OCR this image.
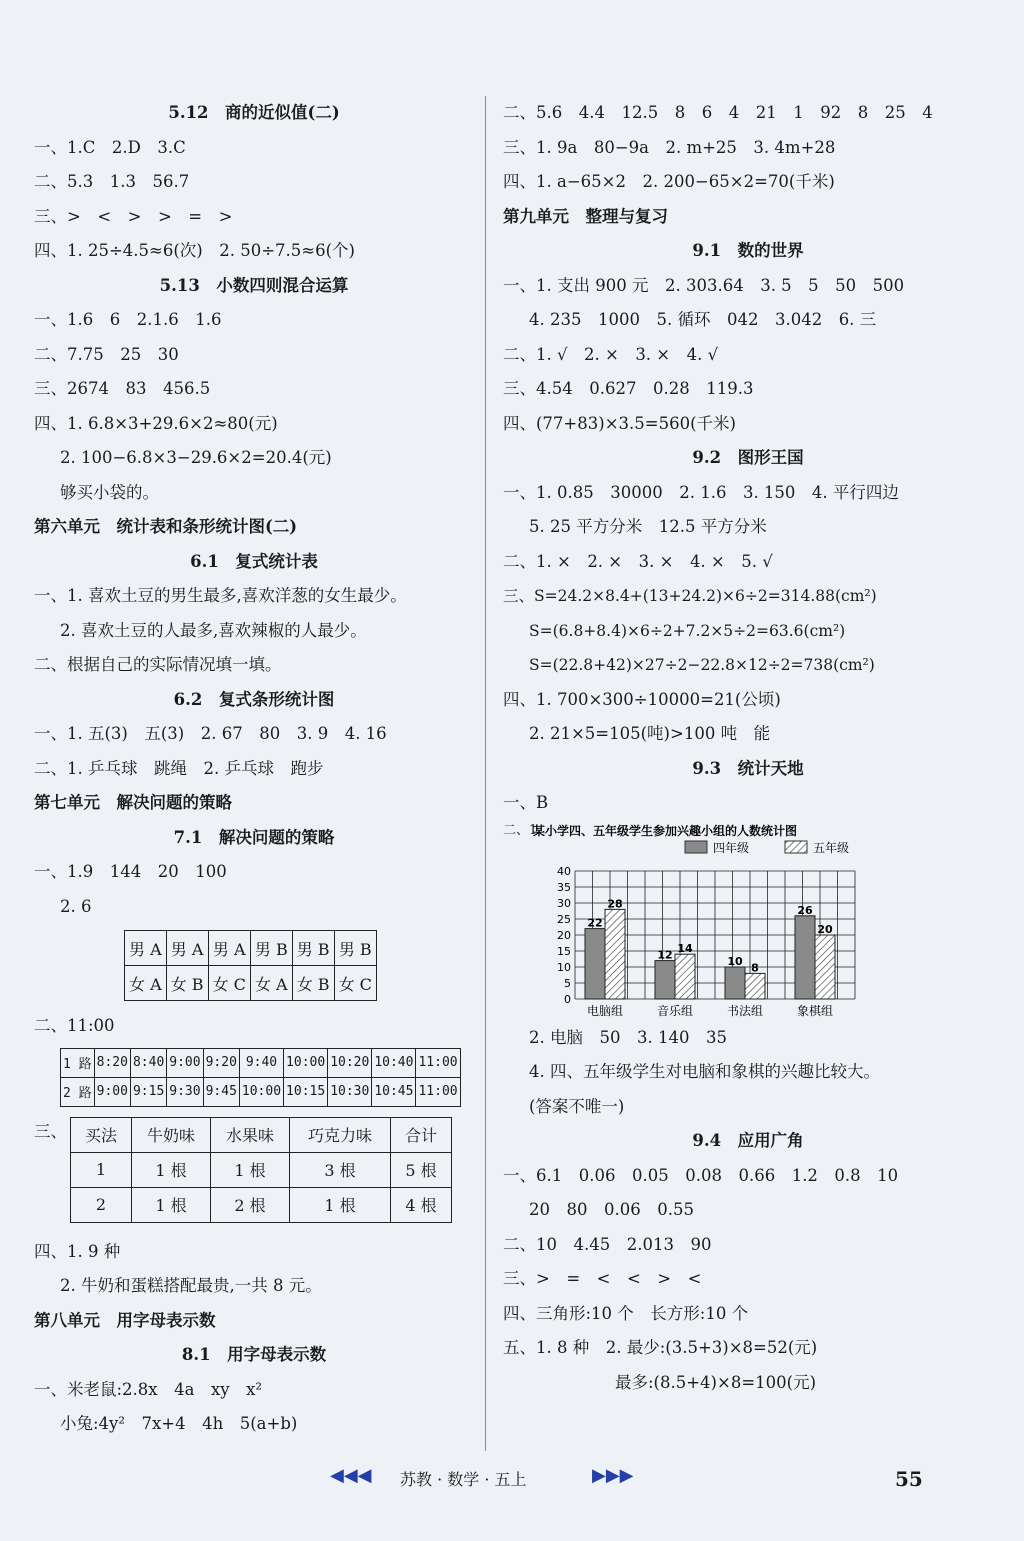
5.12　商的近似值(二)
一、1.C　2.D　3.C
二、5.3　1.3　56.7
三、>　<　>　>　=　>
四、1. 25÷4.5≈6(次)　2. 50÷7.5≈6(个)
5.13　小数四则混合运算
一、1.6　6　2.1.6　1.6
二、7.75　25　30
三、2674　83　456.5
四、1. 6.8×3+29.6×2≈80(元)
2. 100−6.8×3−29.6×2=20.4(元)
够买小袋的。
第六单元　统计表和条形统计图(二)
6.1　复式统计表
一、1. 喜欢土豆的男生最多,喜欢洋葱的女生最少。
2. 喜欢土豆的人最多,喜欢辣椒的人最少。
二、根据自己的实际情况填一填。
6.2　复式条形统计图
一、1. 五(3)　五(3)　2. 67　80　3. 9　4. 16
二、1. 乒乓球　跳绳　2. 乒乓球　跑步
第七单元　解决问题的策略
7.1　解决问题的策略
一、1.9　144　20　100
2. 6
男 A	男 A	男 A	男 B	男 B	男 B
女 A	女 B	女 C	女 A	女 B	女 C
二、11:00
1 路	8:20	8:40	9:00	9:20	9:40	10:00	10:20	10:40	11:00
2 路	9:00	9:15	9:30	9:45	10:00	10:15	10:30	10:45	11:00
三、 买法	牛奶味	水果味	巧克力味	合计
1	1 根	1 根	3 根	5 根
2	1 根	2 根	1 根	4 根
四、1. 9 种
2. 牛奶和蛋糕搭配最贵,一共 8 元。
第八单元　用字母表示数
8.1　用字母表示数
一、米老鼠:2.8x　4a　xy　x²
小兔:4y²　7x+4　4h　5(a+b)
二、5.6　4.4　12.5　8　6　4　21　1　92　8　25　4
三、1. 9a　80−9a　2. m+25　3. 4m+28
四、1. a−65×2　2. 200−65×2=70(千米)
第九单元　整理与复习
9.1　数的世界
一、1. 支出 900 元　2. 303.64　3. 5　5　50　500
4. 235　1000　5. 循环　042　3.042　6. 三
二、1. √　2. ×　3. ×　4. √
三、4.54　0.627　0.28　119.3
四、(77+83)×3.5=560(千米)
9.2　图形王国
一、1. 0.85　30000　2. 1.6　3. 150　4. 平行四边
5. 25 平方分米　12.5 平方分米
二、1. ×　2. ×　3. ×　4. ×　5. √
三、S=24.2×8.4+(13+24.2)×6÷2=314.88(cm²)
S=(6.8+8.4)×6÷2+7.2×5÷2=63.6(cm²)
S=(22.8+42)×27÷2−22.8×12÷2=738(cm²)
四、1. 700×300÷10000=21(公顷)
2. 21×5=105(吨)>100 吨　能
9.3　统计天地
一、B
二、1.
某小学四、五年级学生参加兴趣小组的人数统计图
四年级	五年级
0
5
10
15
20
25
30
35
40
22
28
电脑组
12 14
音乐组
10 8
书法组
26
20
象棋组
2. 电脑　50　3. 140　35
4. 四、五年级学生对电脑和象棋的兴趣比较大。
(答案不唯一)
9.4　应用广角
一、6.1　0.06　0.05　0.08　0.66　1.2　0.8　10
20　80　0.06　0.55
二、10　4.45　2.013　90
三、>　=　<　<　>　<
四、三角形:10 个　长方形:10 个
五、1. 8 种　2. 最少:(3.5+3)×8=52(元)
最多:(8.5+4)×8=100(元)
◀◀◀ 苏教 · 数学 · 五上	▶▶▶	55
